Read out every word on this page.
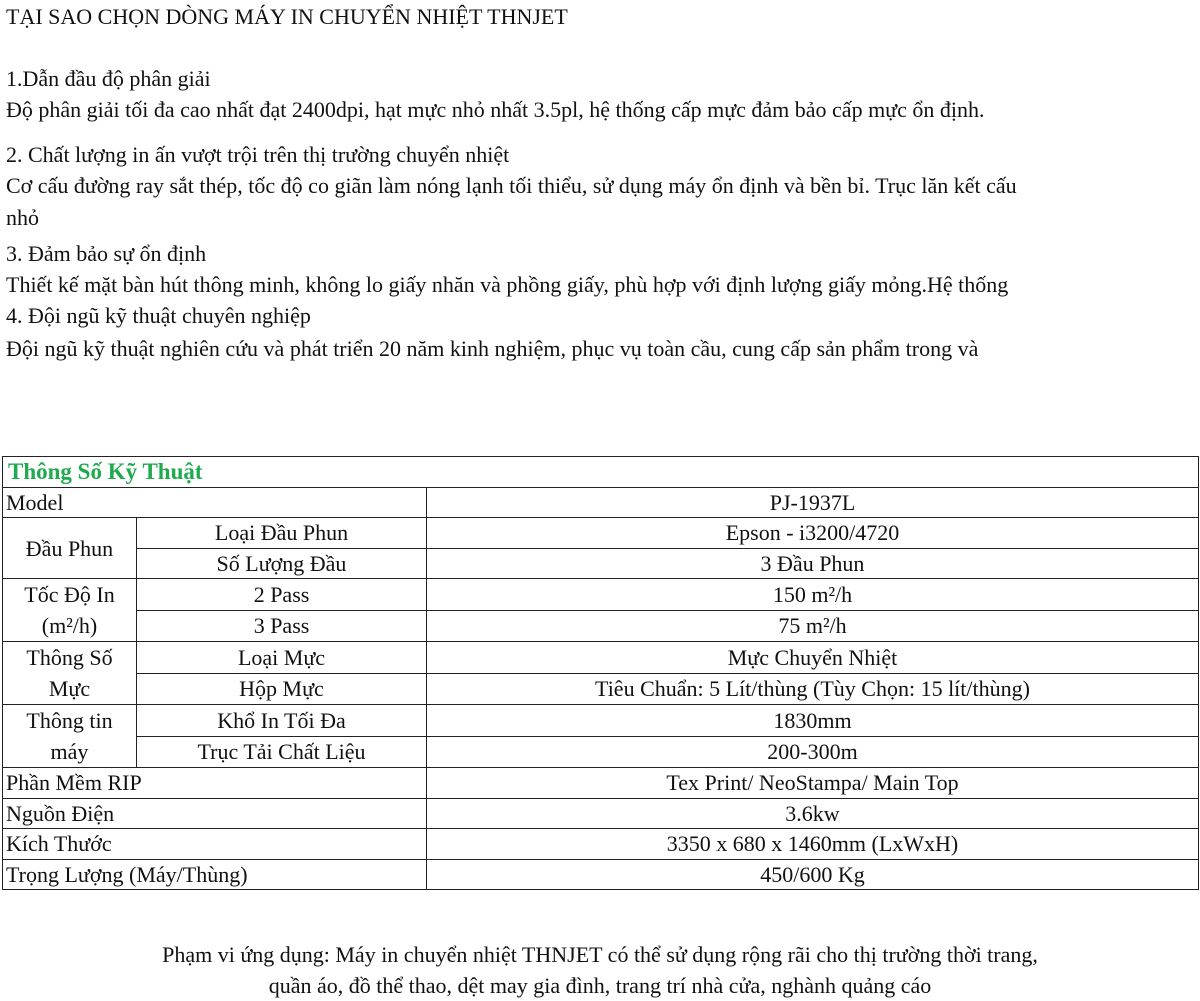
TẠI SAO CHỌN DÒNG MÁY IN CHUYỂN NHIỆT THNJET
1.Dẫn đầu độ phân giải
Độ phân giải tối đa cao nhất đạt 2400dpi, hạt mực nhỏ nhất 3.5pl, hệ thống cấp mực đảm bảo cấp mực ổn định.
2. Chất lượng in ấn vượt trội trên thị trường chuyển nhiệt
Cơ cấu đường ray sắt thép, tốc độ co giãn làm nóng lạnh tối thiểu, sử dụng máy ổn định và bền bỉ. Trục lăn kết cấu
nhỏ
3. Đảm bảo sự ổn định
Thiết kế mặt bàn hút thông minh, không lo giấy nhăn và phồng giấy, phù hợp với định lượng giấy mỏng.Hệ thống
4. Đội ngũ kỹ thuật chuyên nghiệp
Đội ngũ kỹ thuật nghiên cứu và phát triển 20 năm kinh nghiệm, phục vụ toàn cầu, cung cấp sản phẩm trong và
Thông Số Kỹ Thuật		
Model		PJ-1937L
Đầu Phun	Loại Đầu Phun	Epson - i3200/4720
	Số Lượng Đầu	3 Đầu Phun
Tốc Độ In
(m²/h)	2 Pass	150 m²/h
	3 Pass	75 m²/h
Thông Số
Mực	Loại Mực	Mực Chuyển Nhiệt
	Hộp Mực	Tiêu Chuẩn: 5 Lít/thùng (Tùy Chọn: 15 lít/thùng)
Thông tin
máy	Khổ In Tối Đa	1830mm
	Trục Tải Chất Liệu	200-300m
Phần Mềm RIP		Tex Print/ NeoStampa/ Main Top
Nguồn Điện		3.6kw
Kích Thước		3350 x 680 x 1460mm (LxWxH)
Trọng Lượng (Máy/Thùng)		450/600 Kg
Phạm vi ứng dụng: Máy in chuyển nhiệt THNJET có thể sử dụng rộng rãi cho thị trường thời trang,
quần áo, đồ thể thao, dệt may gia đình, trang trí nhà cửa, nghành quảng cáo
